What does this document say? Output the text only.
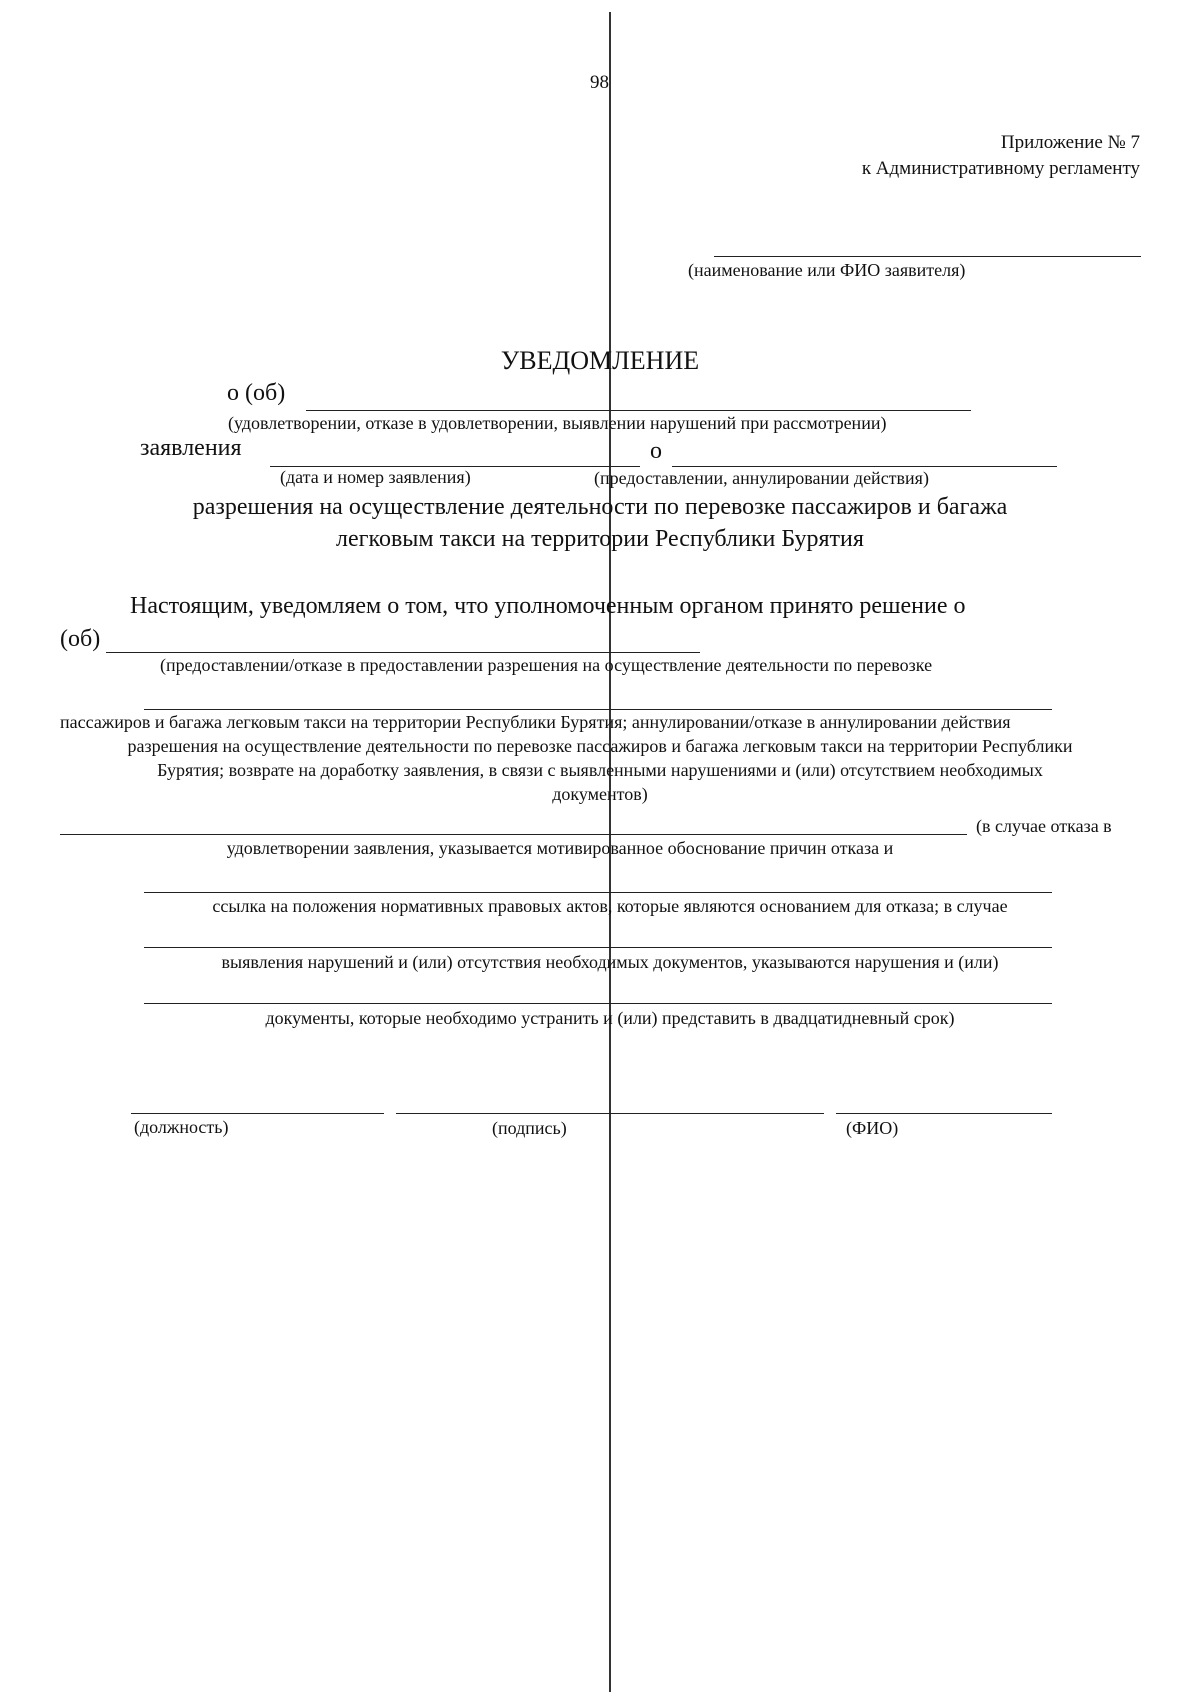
98
Приложение № 7
к Административному регламенту
(наименование или ФИО заявителя)
УВЕДОМЛЕНИЕ
о (об)
(удовлетворении, отказе в удовлетворении, выявлении нарушений при рассмотрении)
заявления	о
(дата и номер заявления)	(предоставлении, аннулировании действия)
разрешения на осуществление деятельности по перевозке пассажиров и багажа
легковым такси на территории Республики Бурятия
Настоящим, уведомляем о том, что уполномоченным органом принято решение о
(об)
(предоставлении/отказе в предоставлении разрешения на осуществление деятельности по перевозке
пассажиров и багажа легковым такси на территории Республики Бурятия; аннулировании/отказе в аннулировании действия
разрешения на осуществление деятельности по перевозке пассажиров и багажа легковым такси на территории Республики
Бурятия; возврате на доработку заявления, в связи с выявленными нарушениями и (или) отсутствием необходимых
документов)
(в случае отказа в
удовлетворении заявления, указывается мотивированное обоснование причин отказа и
ссылка на положения нормативных правовых актов, которые являются основанием для отказа; в случае
выявления нарушений и (или) отсутствия необходимых документов, указываются нарушения и (или)
документы, которые необходимо устранить и (или) представить в двадцатидневный срок)
(должность)	(подпись)	(ФИО)
